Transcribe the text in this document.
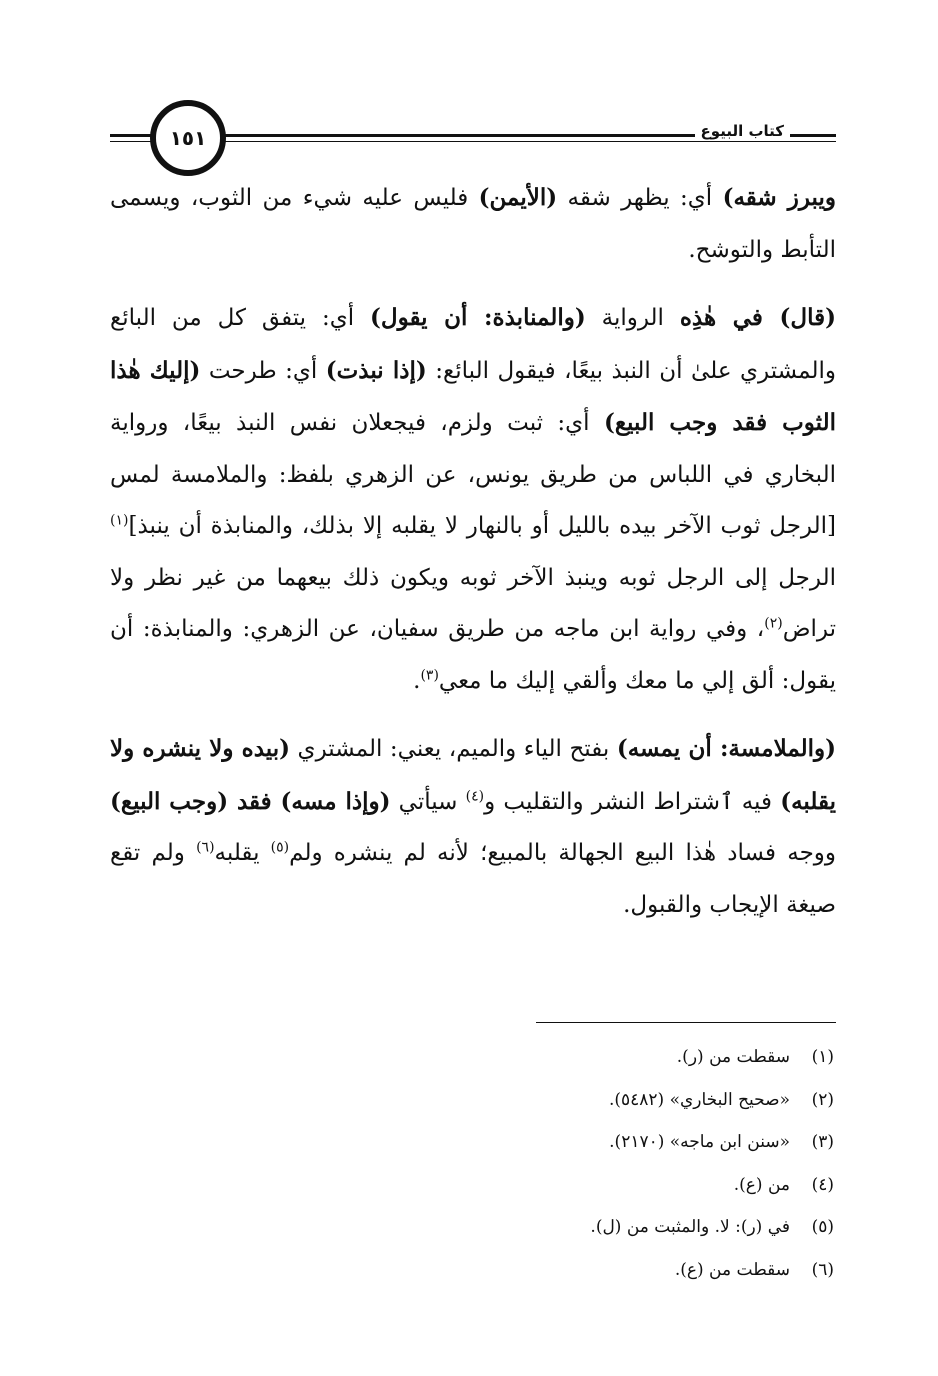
١٥١	كتاب البيوع

ويبرز شقه) أي: يظهر شقه (الأيمن) فليس عليه شيء من الثوب، ويسمى التأبط والتوشح.

(قال) في هٰذِه الرواية (والمنابذة: أن يقول) أي: يتفق كل من البائع والمشتري علىٰ أن النبذ بيعًا، فيقول البائع: (إذا نبذت) أي: طرحت (إليك هٰذا الثوب فقد وجب البيع) أي: ثبت ولزم، فيجعلان نفس النبذ بيعًا، ورواية البخاري في اللباس من طريق يونس، عن الزهري بلفظ: والملامسة لمس [الرجل ثوب الآخر بيده بالليل أو بالنهار لا يقلبه إلا بذلك، والمنابذة أن ينبذ]$^{(١)}$ الرجل إلى الرجل ثوبه وينبذ الآخر ثوبه ويكون ذلك بيعهما من غير نظر ولا تراض$^{(٢)}$، وفي رواية ابن ماجه من طريق سفيان، عن الزهري: والمنابذة: أن يقول: ألق إلي ما معك وألقي إليك ما معي$^{(٣)}$.

(والملامسة: أن يمسه) بفتح الياء والميم، يعني: المشتري (بيده ولا ينشره ولا يقلبه) فيه ٱشتراط النشر والتقليب و$^{(٤)}$ سيأتي (وإذا مسه) فقد (وجب البيع) ووجه فساد هٰذا البيع الجهالة بالمبيع؛ لأنه لم ينشره ولم$^{(٥)}$ يقلبه$^{(٦)}$ ولم تقع صيغة الإيجاب والقبول.

(١)
سقطت من (ر).
(٢)
«صحيح البخاري» (٥٤٨٢).
(٣)
«سنن ابن ماجه» (٢١٧٠).
(٤)
من (ع).
(٥)
في (ر): لا. والمثبت من (ل).
(٦)
سقطت من (ع).
